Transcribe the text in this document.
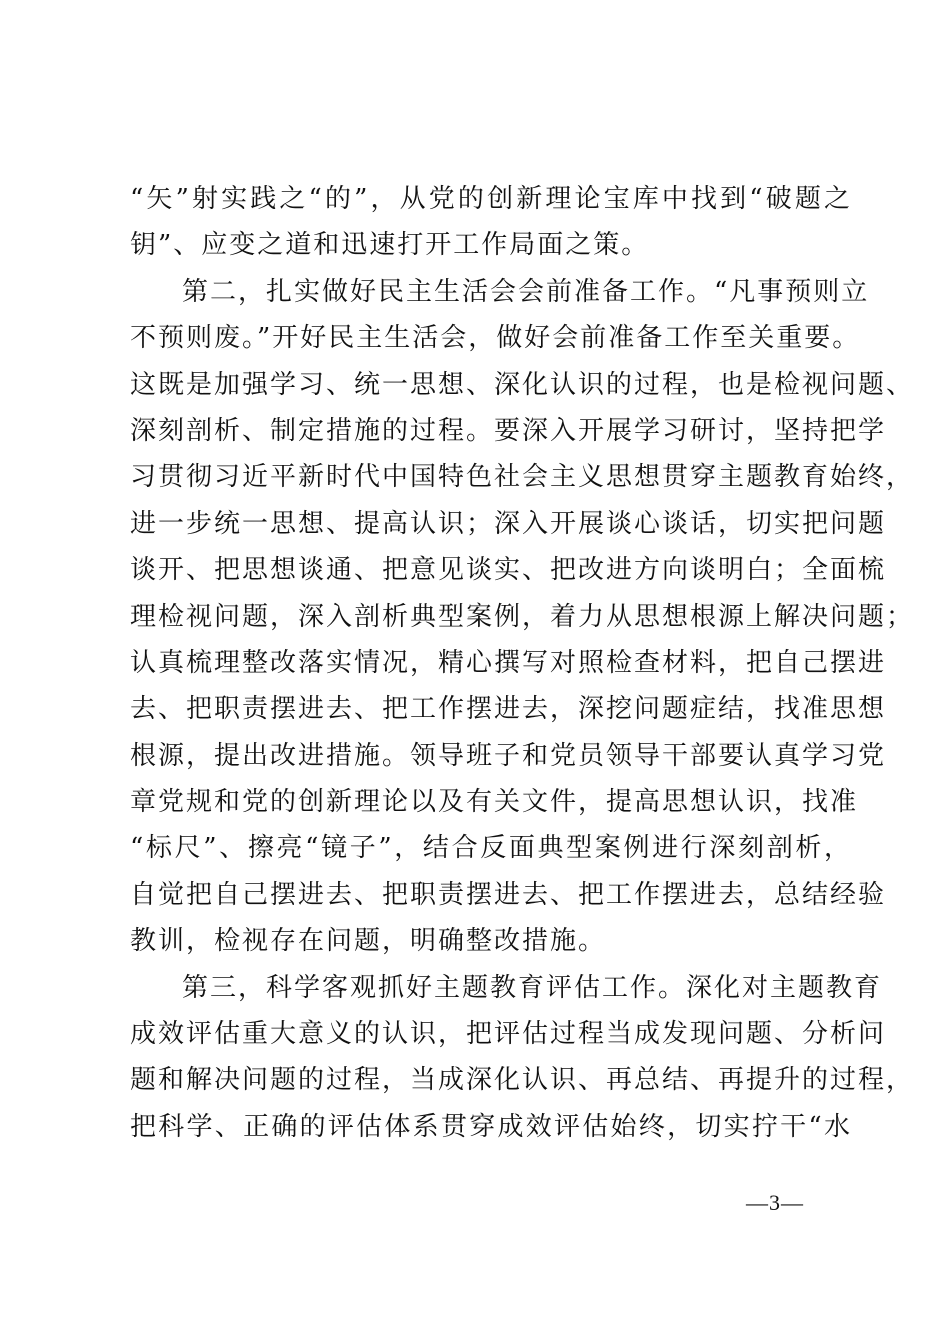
“矢”射实践之“的”，从党的创新理论宝库中找到“破题之
钥”、应变之道和迅速打开工作局面之策。
第二，扎实做好民主生活会会前准备工作。“凡事预则立
不预则废。”开好民主生活会，做好会前准备工作至关重要。
这既是加强学习、统一思想、深化认识的过程，也是检视问题、
深刻剖析、制定措施的过程。要深入开展学习研讨，坚持把学
习贯彻习近平新时代中国特色社会主义思想贯穿主题教育始终，
进一步统一思想、提高认识；深入开展谈心谈话，切实把问题
谈开、把思想谈通、把意见谈实、把改进方向谈明白；全面梳
理检视问题，深入剖析典型案例，着力从思想根源上解决问题；
认真梳理整改落实情况，精心撰写对照检查材料，把自己摆进
去、把职责摆进去、把工作摆进去，深挖问题症结，找准思想
根源，提出改进措施。领导班子和党员领导干部要认真学习党
章党规和党的创新理论以及有关文件，提高思想认识，找准
“标尺”、擦亮“镜子”，结合反面典型案例进行深刻剖析，
自觉把自己摆进去、把职责摆进去、把工作摆进去，总结经验
教训，检视存在问题，明确整改措施。
第三，科学客观抓好主题教育评估工作。深化对主题教育
成效评估重大意义的认识，把评估过程当成发现问题、分析问
题和解决问题的过程，当成深化认识、再总结、再提升的过程，
把科学、正确的评估体系贯穿成效评估始终，切实拧干“水
—3—
